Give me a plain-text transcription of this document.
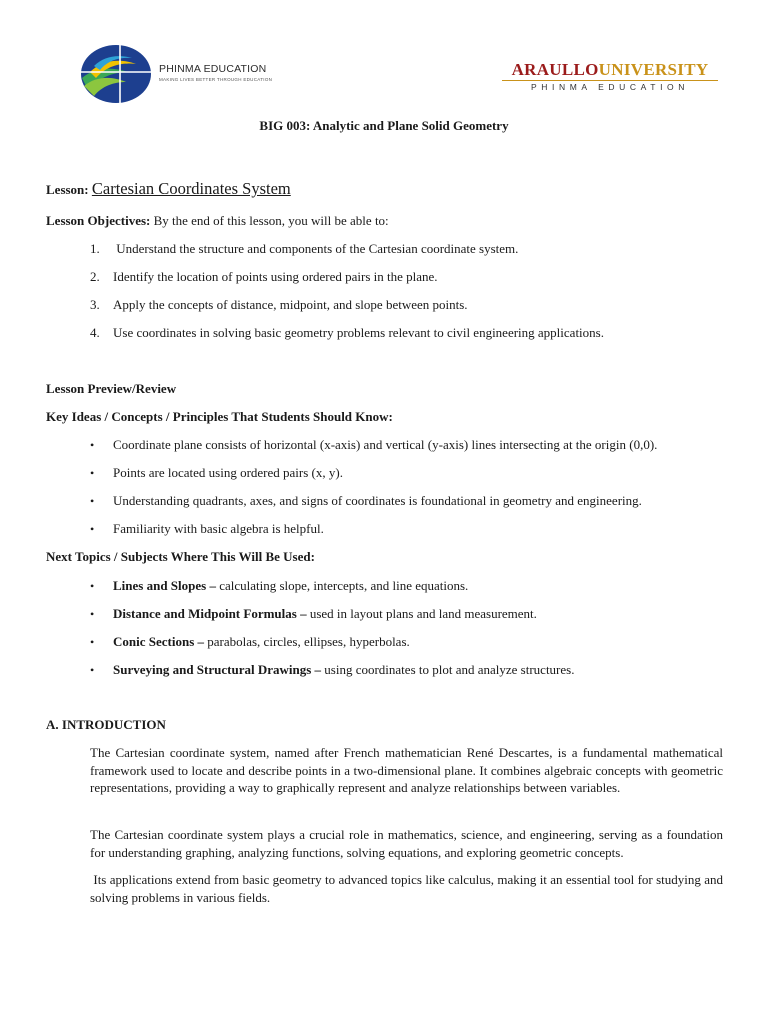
PHINMA EDUCATION
MAKING LIVES BETTER THROUGH EDUCATION
ARAULLOUNIVERSITY
PHINMA EDUCATION
BIG 003: Analytic and Plane Solid Geometry
Lesson: Cartesian Coordinates System
Lesson Objectives: By the end of this lesson, you will be able to:
1. Understand the structure and components of the Cartesian coordinate system.
2. Identify the location of points using ordered pairs in the plane.
3. Apply the concepts of distance, midpoint, and slope between points.
4. Use coordinates in solving basic geometry problems relevant to civil engineering applications.
Lesson Preview/Review
Key Ideas / Concepts / Principles That Students Should Know:
• Coordinate plane consists of horizontal (x-axis) and vertical (y-axis) lines intersecting at the origin (0,0).
• Points are located using ordered pairs (x, y).
• Understanding quadrants, axes, and signs of coordinates is foundational in geometry and engineering.
• Familiarity with basic algebra is helpful.
Next Topics / Subjects Where This Will Be Used:
• Lines and Slopes – calculating slope, intercepts, and line equations.
• Distance and Midpoint Formulas – used in layout plans and land measurement.
• Conic Sections – parabolas, circles, ellipses, hyperbolas.
• Surveying and Structural Drawings – using coordinates to plot and analyze structures.
A. INTRODUCTION
The Cartesian coordinate system, named after French mathematician René Descartes, is a fundamental mathematical framework used to locate and describe points in a two-dimensional plane. It combines algebraic concepts with geometric representations, providing a way to graphically represent and analyze relationships between variables.
The Cartesian coordinate system plays a crucial role in mathematics, science, and engineering, serving as a foundation for understanding graphing, analyzing functions, solving equations, and exploring geometric concepts.
Its applications extend from basic geometry to advanced topics like calculus, making it an essential tool for studying and solving problems in various fields.
